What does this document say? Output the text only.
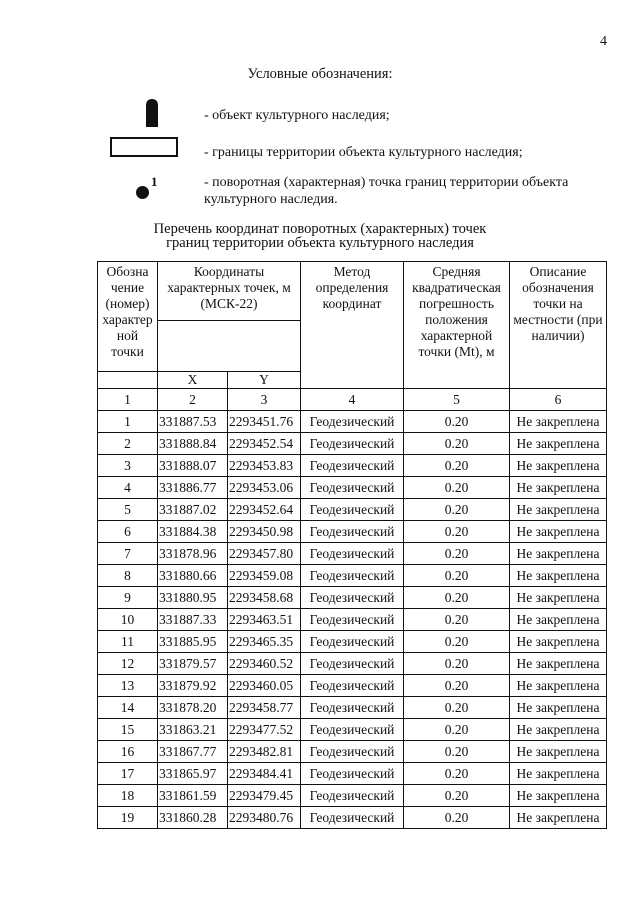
4
Условные обозначения:
- объект культурного наследия;
- границы территории объекта культурного наследия;
1	- поворотная (характерная) точка границ территории объекта культурного наследия.
Перечень координат поворотных (характерных) точек
границ территории объекта культурного наследия
Обозна чение (номер) характер ной точки	Координаты характерных точек, м (МСК-22)		Метод определения координат	Средняя квадратическая погрешность положения характерной точки (Mt), м	Описание обозначения точки на местности (при наличии)

	X	Y			
1	2	3	4	5	6
1	331887.53	2293451.76	Геодезический	0.20	Не закреплена
2	331888.84	2293452.54	Геодезический	0.20	Не закреплена
3	331888.07	2293453.83	Геодезический	0.20	Не закреплена
4	331886.77	2293453.06	Геодезический	0.20	Не закреплена
5	331887.02	2293452.64	Геодезический	0.20	Не закреплена
6	331884.38	2293450.98	Геодезический	0.20	Не закреплена
7	331878.96	2293457.80	Геодезический	0.20	Не закреплена
8	331880.66	2293459.08	Геодезический	0.20	Не закреплена
9	331880.95	2293458.68	Геодезический	0.20	Не закреплена
10	331887.33	2293463.51	Геодезический	0.20	Не закреплена
11	331885.95	2293465.35	Геодезический	0.20	Не закреплена
12	331879.57	2293460.52	Геодезический	0.20	Не закреплена
13	331879.92	2293460.05	Геодезический	0.20	Не закреплена
14	331878.20	2293458.77	Геодезический	0.20	Не закреплена
15	331863.21	2293477.52	Геодезический	0.20	Не закреплена
16	331867.77	2293482.81	Геодезический	0.20	Не закреплена
17	331865.97	2293484.41	Геодезический	0.20	Не закреплена
18	331861.59	2293479.45	Геодезический	0.20	Не закреплена
19	331860.28	2293480.76	Геодезический	0.20	Не закреплена
